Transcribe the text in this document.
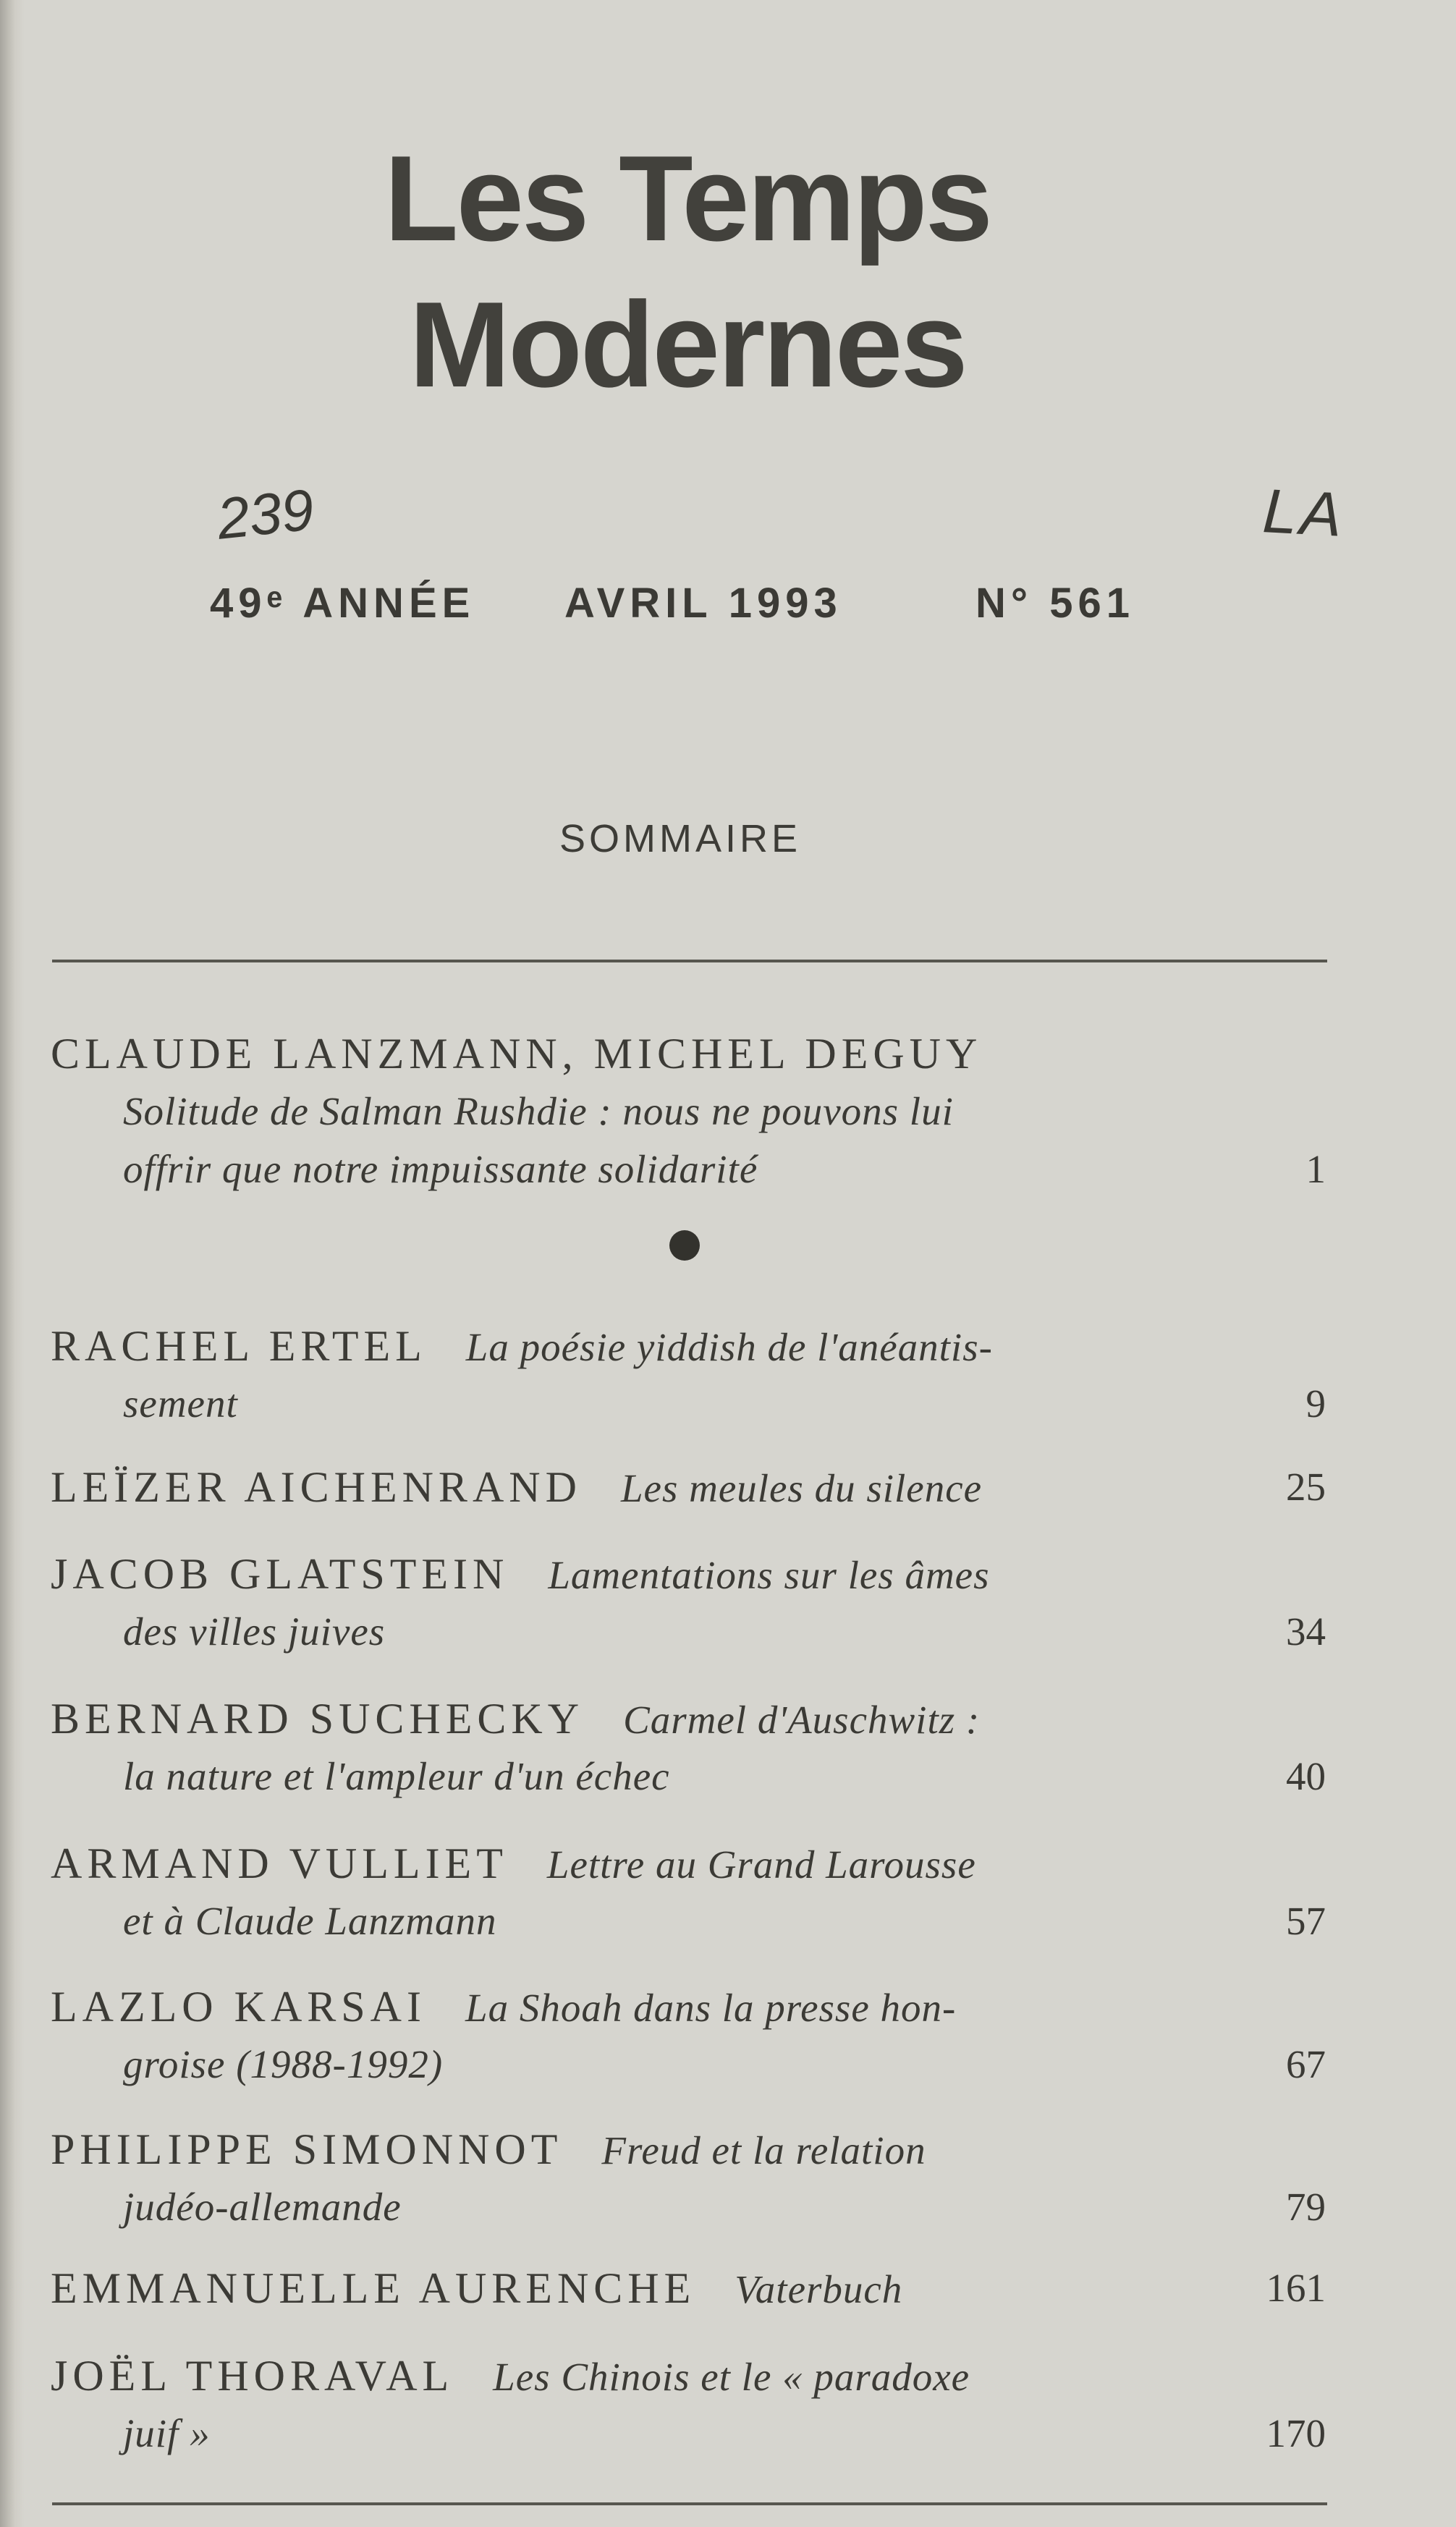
Les Temps
Modernes
239	LA
49ᵉ ANNÉE AVRIL 1993	N° 561
SOMMAIRE
CLAUDE LANZMANN, MICHEL DEGUY
Solitude de Salman Rushdie : nous ne pouvons lui
offrir que notre impuissante solidarité	1
RACHEL ERTEL La poésie yiddish de l'anéantis-
sement	9
LEÏZER AICHENRAND Les meules du silence	25
JACOB GLATSTEIN Lamentations sur les âmes
des villes juives	34
BERNARD SUCHECKY Carmel d'Auschwitz :
la nature et l'ampleur d'un échec	40
ARMAND VULLIET Lettre au Grand Larousse
et à Claude Lanzmann	57
LAZLO KARSAI La Shoah dans la presse hon-
groise (1988-1992)	67
PHILIPPE SIMONNOT Freud et la relation
judéo-allemande	79
EMMANUELLE AURENCHE Vaterbuch	161
JOËL THORAVAL Les Chinois et le « paradoxe
juif »	170
